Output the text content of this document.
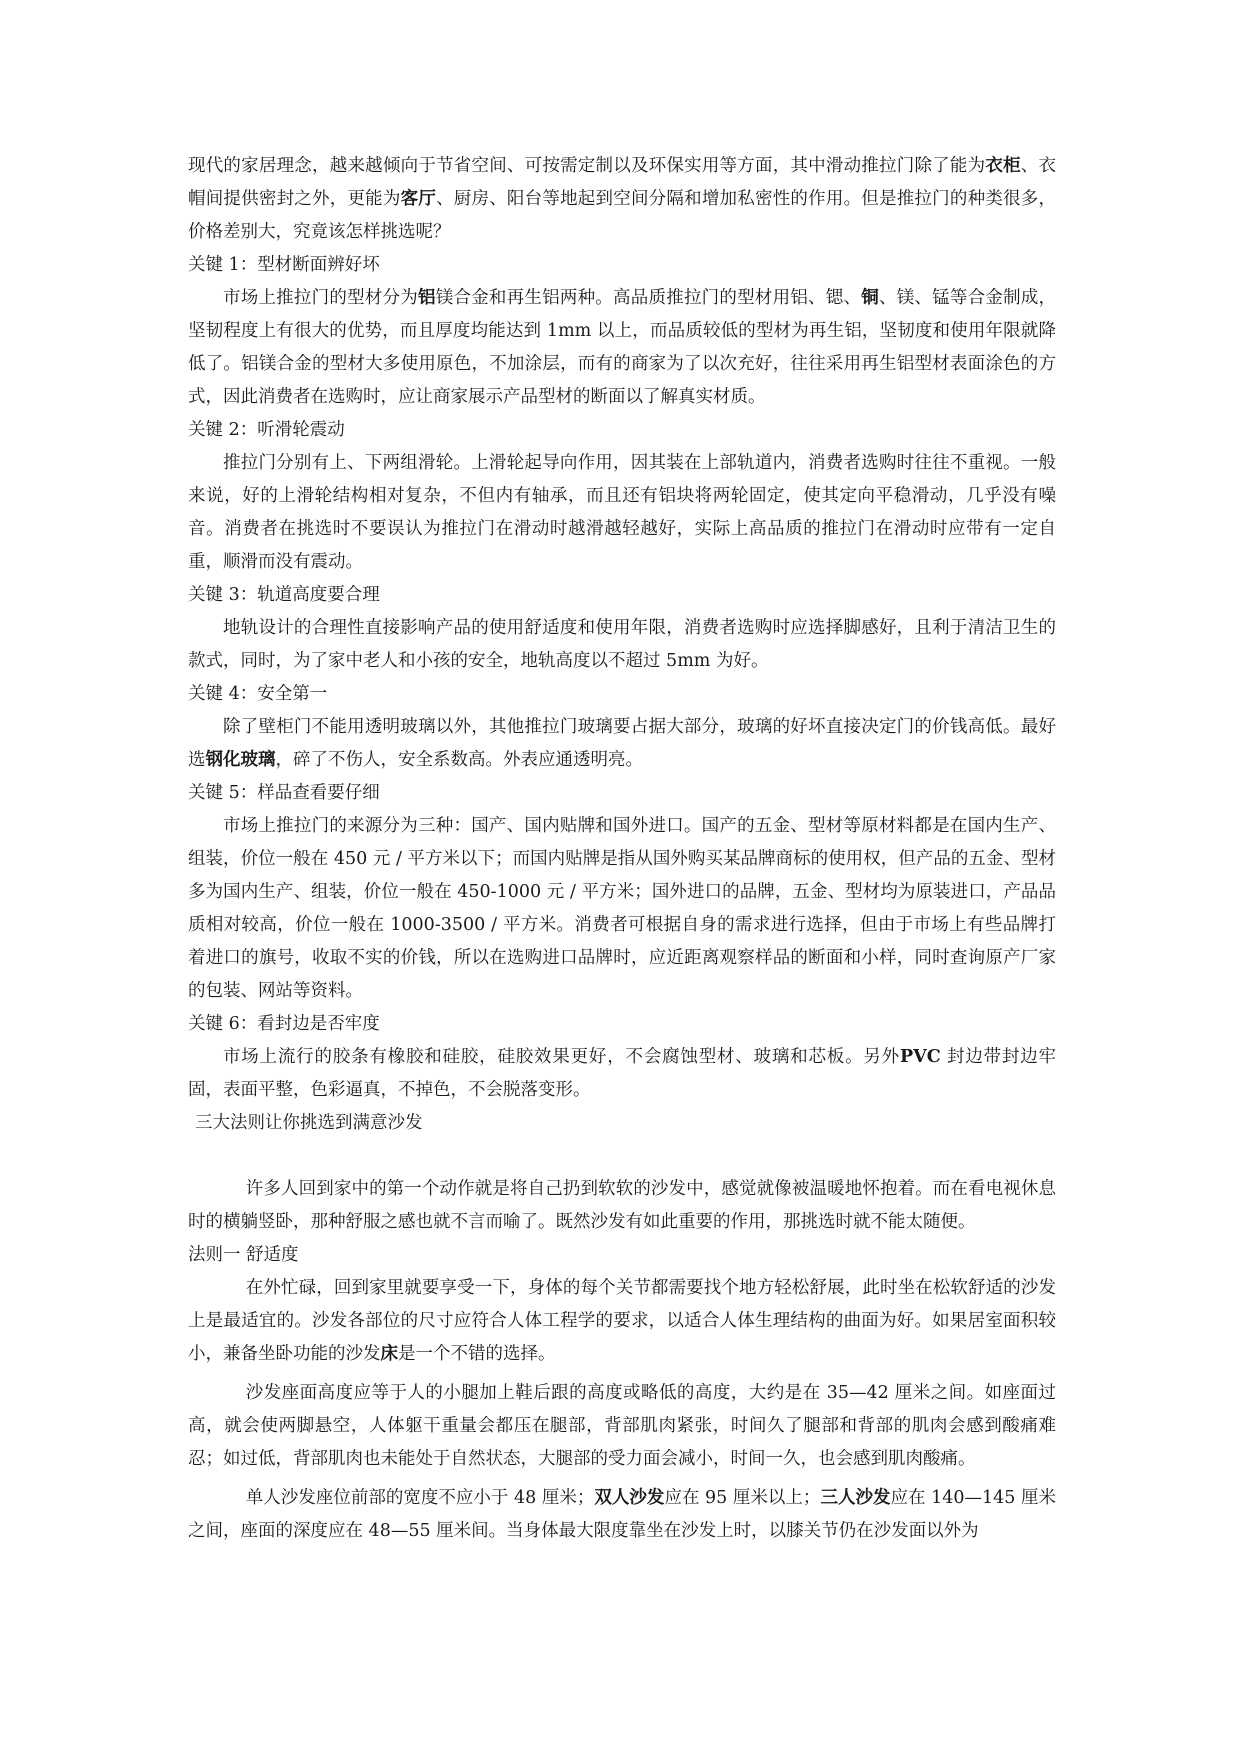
现代的家居理念，越来越倾向于节省空间、可按需定制以及环保实用等方面，其中滑动推拉门除了能为衣柜、衣帽间提供密封之外，更能为客厅、厨房、阳台等地起到空间分隔和增加私密性的作用。但是推拉门的种类很多，价格差别大，究竟该怎样挑选呢？

关键 1：型材断面辨好坏

市场上推拉门的型材分为铝镁合金和再生铝两种。高品质推拉门的型材用铝、锶、铜、镁、锰等合金制成，坚韧程度上有很大的优势，而且厚度均能达到 1mm 以上，而品质较低的型材为再生铝，坚韧度和使用年限就降低了。铝镁合金的型材大多使用原色，不加涂层，而有的商家为了以次充好，往往采用再生铝型材表面涂色的方式，因此消费者在选购时，应让商家展示产品型材的断面以了解真实材质。

关键 2：听滑轮震动

推拉门分别有上、下两组滑轮。上滑轮起导向作用，因其装在上部轨道内，消费者选购时往往不重视。一般来说，好的上滑轮结构相对复杂，不但内有轴承，而且还有铝块将两轮固定，使其定向平稳滑动，几乎没有噪音。消费者在挑选时不要误认为推拉门在滑动时越滑越轻越好，实际上高品质的推拉门在滑动时应带有一定自重，顺滑而没有震动。

关键 3：轨道高度要合理

地轨设计的合理性直接影响产品的使用舒适度和使用年限，消费者选购时应选择脚感好，且利于清洁卫生的款式，同时，为了家中老人和小孩的安全，地轨高度以不超过 5mm 为好。

关键 4：安全第一

除了壁柜门不能用透明玻璃以外，其他推拉门玻璃要占据大部分，玻璃的好坏直接决定门的价钱高低。最好选钢化玻璃，碎了不伤人，安全系数高。外表应通透明亮。

关键 5：样品查看要仔细

市场上推拉门的来源分为三种：国产、国内贴牌和国外进口。国产的五金、型材等原材料都是在国内生产、组装，价位一般在 450 元 / 平方米以下；而国内贴牌是指从国外购买某品牌商标的使用权，但产品的五金、型材多为国内生产、组装，价位一般在 450-1000 元 / 平方米；国外进口的品牌，五金、型材均为原装进口，产品品质相对较高，价位一般在 1000-3500 / 平方米。消费者可根据自身的需求进行选择，但由于市场上有些品牌打着进口的旗号，收取不实的价钱，所以在选购进口品牌时，应近距离观察样品的断面和小样，同时查询原产厂家的包装、网站等资料。

关键 6：看封边是否牢度

市场上流行的胶条有橡胶和硅胶，硅胶效果更好，不会腐蚀型材、玻璃和芯板。另外PVC 封边带封边牢固，表面平整，色彩逼真，不掉色，不会脱落变形。

三大法则让你挑选到满意沙发

许多人回到家中的第一个动作就是将自己扔到软软的沙发中，感觉就像被温暖地怀抱着。而在看电视休息时的横躺竖卧，那种舒服之感也就不言而喻了。既然沙发有如此重要的作用，那挑选时就不能太随便。

法则一 舒适度

在外忙碌，回到家里就要享受一下，身体的每个关节都需要找个地方轻松舒展，此时坐在松软舒适的沙发上是最适宜的。沙发各部位的尺寸应符合人体工程学的要求，以适合人体生理结构的曲面为好。如果居室面积较小，兼备坐卧功能的沙发床是一个不错的选择。

沙发座面高度应等于人的小腿加上鞋后跟的高度或略低的高度，大约是在 35—42 厘米之间。如座面过高，就会使两脚悬空，人体躯干重量会都压在腿部，背部肌肉紧张，时间久了腿部和背部的肌肉会感到酸痛难忍；如过低，背部肌肉也未能处于自然状态，大腿部的受力面会减小，时间一久，也会感到肌肉酸痛。

单人沙发座位前部的宽度不应小于 48 厘米；双人沙发应在 95 厘米以上；三人沙发应在 140—145 厘米之间，座面的深度应在 48—55 厘米间。当身体最大限度靠坐在沙发上时，以膝关节仍在沙发面以外为
